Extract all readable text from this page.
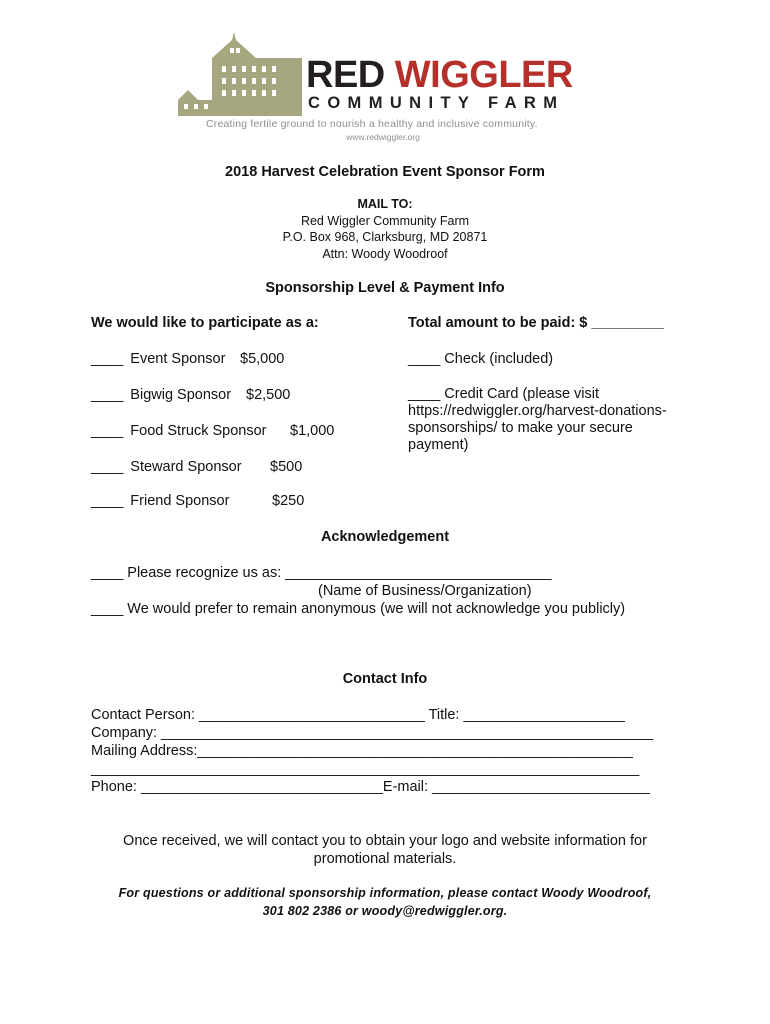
RED WIGGLER
COMMUNITY FARM
Creating fertile ground to nourish a healthy and inclusive community.
www.redwiggler.org
2018 Harvest Celebration Event Sponsor Form
MAIL TO:
Red Wiggler Community Farm
P.O. Box 968, Clarksburg, MD 20871
Attn: Woody Woodroof
Sponsorship Level & Payment Info
We would like to participate as a:	Total amount to be paid: $ _________
____ Event Sponsor $5,000
____ Bigwig Sponsor $2,500
____ Food Struck Sponsor $1,000
____ Steward Sponsor $500
____ Friend Sponsor	$250
____ Check (included)
____ Credit Card (please visit
https://redwiggler.org/harvest-donations-
sponsorships/ to make your secure
payment)
Acknowledgement
____ Please recognize us as: _________________________________
(Name of Business/Organization)
____ We would prefer to remain anonymous (we will not acknowledge you publicly)
Contact Info
Contact Person: ____________________________ Title: ____________________
Company: _____________________________________________________________
Mailing Address:______________________________________________________
____________________________________________________________________
Phone: ______________________________E-mail: ___________________________
Once received, we will contact you to obtain your logo and website information for
promotional materials.
For questions or additional sponsorship information, please contact Woody Woodroof,
301 802 2386 or woody@redwiggler.org.
